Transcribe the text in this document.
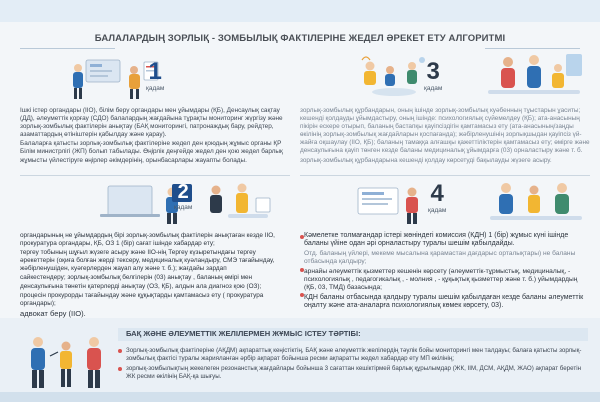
БАЛАЛАРДЫҢ ЗОРЛЫҚ - ЗОМБЫЛЫҚ ФАКТІЛЕРІНЕ ЖЕДЕЛ ӘРЕКЕТ ЕТУ АЛГОРИТМІ
1
қадам

Ішкі істер органдары (ІІО), білім беру органдары мен ұйымдары (ҚБ), Денсаулық сақтау (ДД), әлеуметтік қорғау (СДО) балалардың жағдайына тұрақты мониторинг жүргізу және зорлық-зомбылық фактілерін анықтау (БАҚ мониторингі, патронаждық бару, рейдтер, азаматтардың өтініштерін қабылдау және қарау).

Балаларға қатысты зорлық-зомбылық фактілеріне жедел ден қоюдың жұмыс органы ҚР Білім министрлігі (ЖП) болып табылады. Өңірлік деңгейде жедел ден қою жедел барлық жұмысты үйлестіруге өңірлер әкімдерінің, орынбасарлары жауапты болады.

3
қадам

зорлық-зомбылық құрбандарын, оның ішінде зорлық-зомбылық куәбенның тұыстарын ұаситы; кешенді қолдауды ұйымдастыру, оның ішінде: психологиялық сүйемелдеу (ҚБ); ата-анасының пікірін ескере отырып, баланың бастапқы қауіпсіздігін қамтамасыз ету (ата-анасының/заңды өкілінің зорлық-зомбылық жағдайларын қоспағанда); жәбірленушінің зорлықшыдан қауіпсіз үй-жайға оқшаулау (ІІО, ҚБ); баланың тамаққа алғашқы қажеттіліктерін қамтамасыз ету; өмірге және денсаулығына қауіп төнген кезде баланы медициналық ұйымдарға (03) орналастыру және т. б.

зорлық-зомбылық құрбандарына кешенді қолдау көрсетуді бақылауды жүзеге асыру.

2
қадам

органдарының не ұйымдардың бірі зорлық-зомбылық фактілерін анықтаған кезде ІІО, прокуратура органдары, ҚБ, ОЗ 1 (бір) сағат ішінде хабардар ету;

тергеу тобының шұғыл жүзеге асыру және ІІО-нің Тергеу күзыретындағы тергеу әрекеттерін (оқиға болған жерді тексеру, медициналық куәландыру, СМЭ тағайындау, жәбірленушіден, куәгерлерден жауап алу және т. б.); жағдайы зардап

сайкестендеру; зорлық-зомбылық белгілерін (03) анықтау , баланың өмірі мен денсаулығына төнетін қатерлерді анықтау (ОЗ, ҚБ), алдын ала диагноз қою (ОЗ);

процесін прокурорды тағайындау және құқықтарды қамтамасыз ету ( прокуратура органдары);

адвокат беру (ІІО).

4
қадам

Кәмелетке толмағандар істері жөніндегі комиссия (КДН) 1 (бір) жұмыс күні ішінде баланы үйіне одан әрі орналастыру туралы шешім қабылдайды.

Отд. баланың үйлері, мекеме мысалына қарамастан дағдарыс орталықтары) не баланы отбасында қалдыру;

арнайы әлеуметтік қызметтер кешенін көрсету (әлеуметтік-тұрмыстық, медициналық, - психологиялық , педагогикалық , - молния , - құқықтық қызметтер және т. б.) уйымдардың (ҚБ, 03, ТМД) базасында;

КДН баланы отбасында қалдыру туралы шешім қабылдаған кезде баланы әлеуметтік оңалту және ата-аналарға психологиялық көмек көрсету, 03).

БАҚ ЖӘНЕ ӘЛЕУМЕТТІК ЖЕЛІЛЕРМЕН ЖҰМЫС ІСТЕУ ТӘРТІБІ:

Зорлық-зомбылық фактілеріне (АҚДМ) ақпараттық кеңістіктің, БАҚ және әлеуметтік желілердің тәулік бойы мониторингі мен талдауы; балаға қатысты зорлық-зомбылық фактісі туралы жарияланған әрбір ақпарат бойынша ресми ақпаратты жедел хабардар ету МП өкілінің;

зорлық-зомбылықтың жекелеген резонанстық жағдайлары бойынша 3 сағаттан кешіктірмей барлық құрылымдар (ЖК, ІІМ, ДСМ, АҚДМ, ЖАО) ақпарат беретін ЖК ресми өкілінің БАҚ-қа шығуы.
